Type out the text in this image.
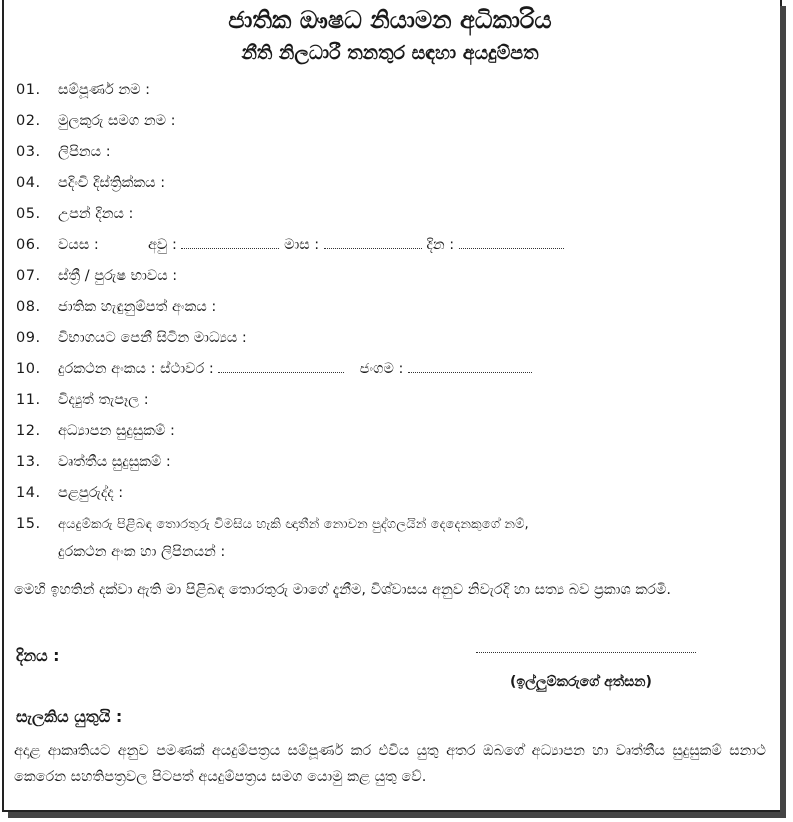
ජාතික ඖෂධ නියාමන අධිකාරිය
නීති නිලධාරී තනතුර සඳහා අයදුම්පත
01. සම්පූර්ණ නම :
02. මුලකුරු සමග නම :
03. ලිපිනය :
04. පදිංචි දිස්ත්‍රික්කය :
05. උපන් දිනය :
06. වයස :	අවු :	මාස :	දින :
07. ස්ත්‍රී / පුරුෂ භාවය :
08. ජාතික හැඳුනුම්පත් අංකය :
09. විභාගයට පෙනී සිටින මාධ්‍යය :
10. දුරකථන අංකය : ස්ථාවර :	ජංගම :
11. විද්‍යුත් තැපෑල :
12. අධ්‍යාපන සුදුසුකම් :
13. වෘත්තීය සුදුසුකම් :
14. පළපුරුද්ද :
15. අයදුම්කරු පිළිබඳ තොරතුරු විමසිය හැකි ඥාතීන් නොවන පුද්ගලයින් දෙදෙනකුගේ නම්,
දුරකථන අංක හා ලිපිනයන් :
මෙහි ඉහතින් දක්වා ඇති මා පිළිබඳ තොරතුරු මාගේ දැනීම, විශ්වාසය අනුව නිවැරදි හා සත්‍ය බව ප්‍රකාශ කරමි.
දිනය :
(ඉල්ලුම්කරුගේ අත්සන)
සැලකිය යුතුයි :
අදාළ ආකෘතියට අනුව පමණක් අයදුම්පත්‍රය සම්පූර්ණ කර එවිය යුතු අතර ඔබගේ අධ්‍යාපන හා වෘත්තීය සුදුසුකම් සනාථ කෙරෙන සහතිපත්‍රවල පිටපත් අයදුම්පත්‍රය සමග යොමු කළ යුතු වේ.
